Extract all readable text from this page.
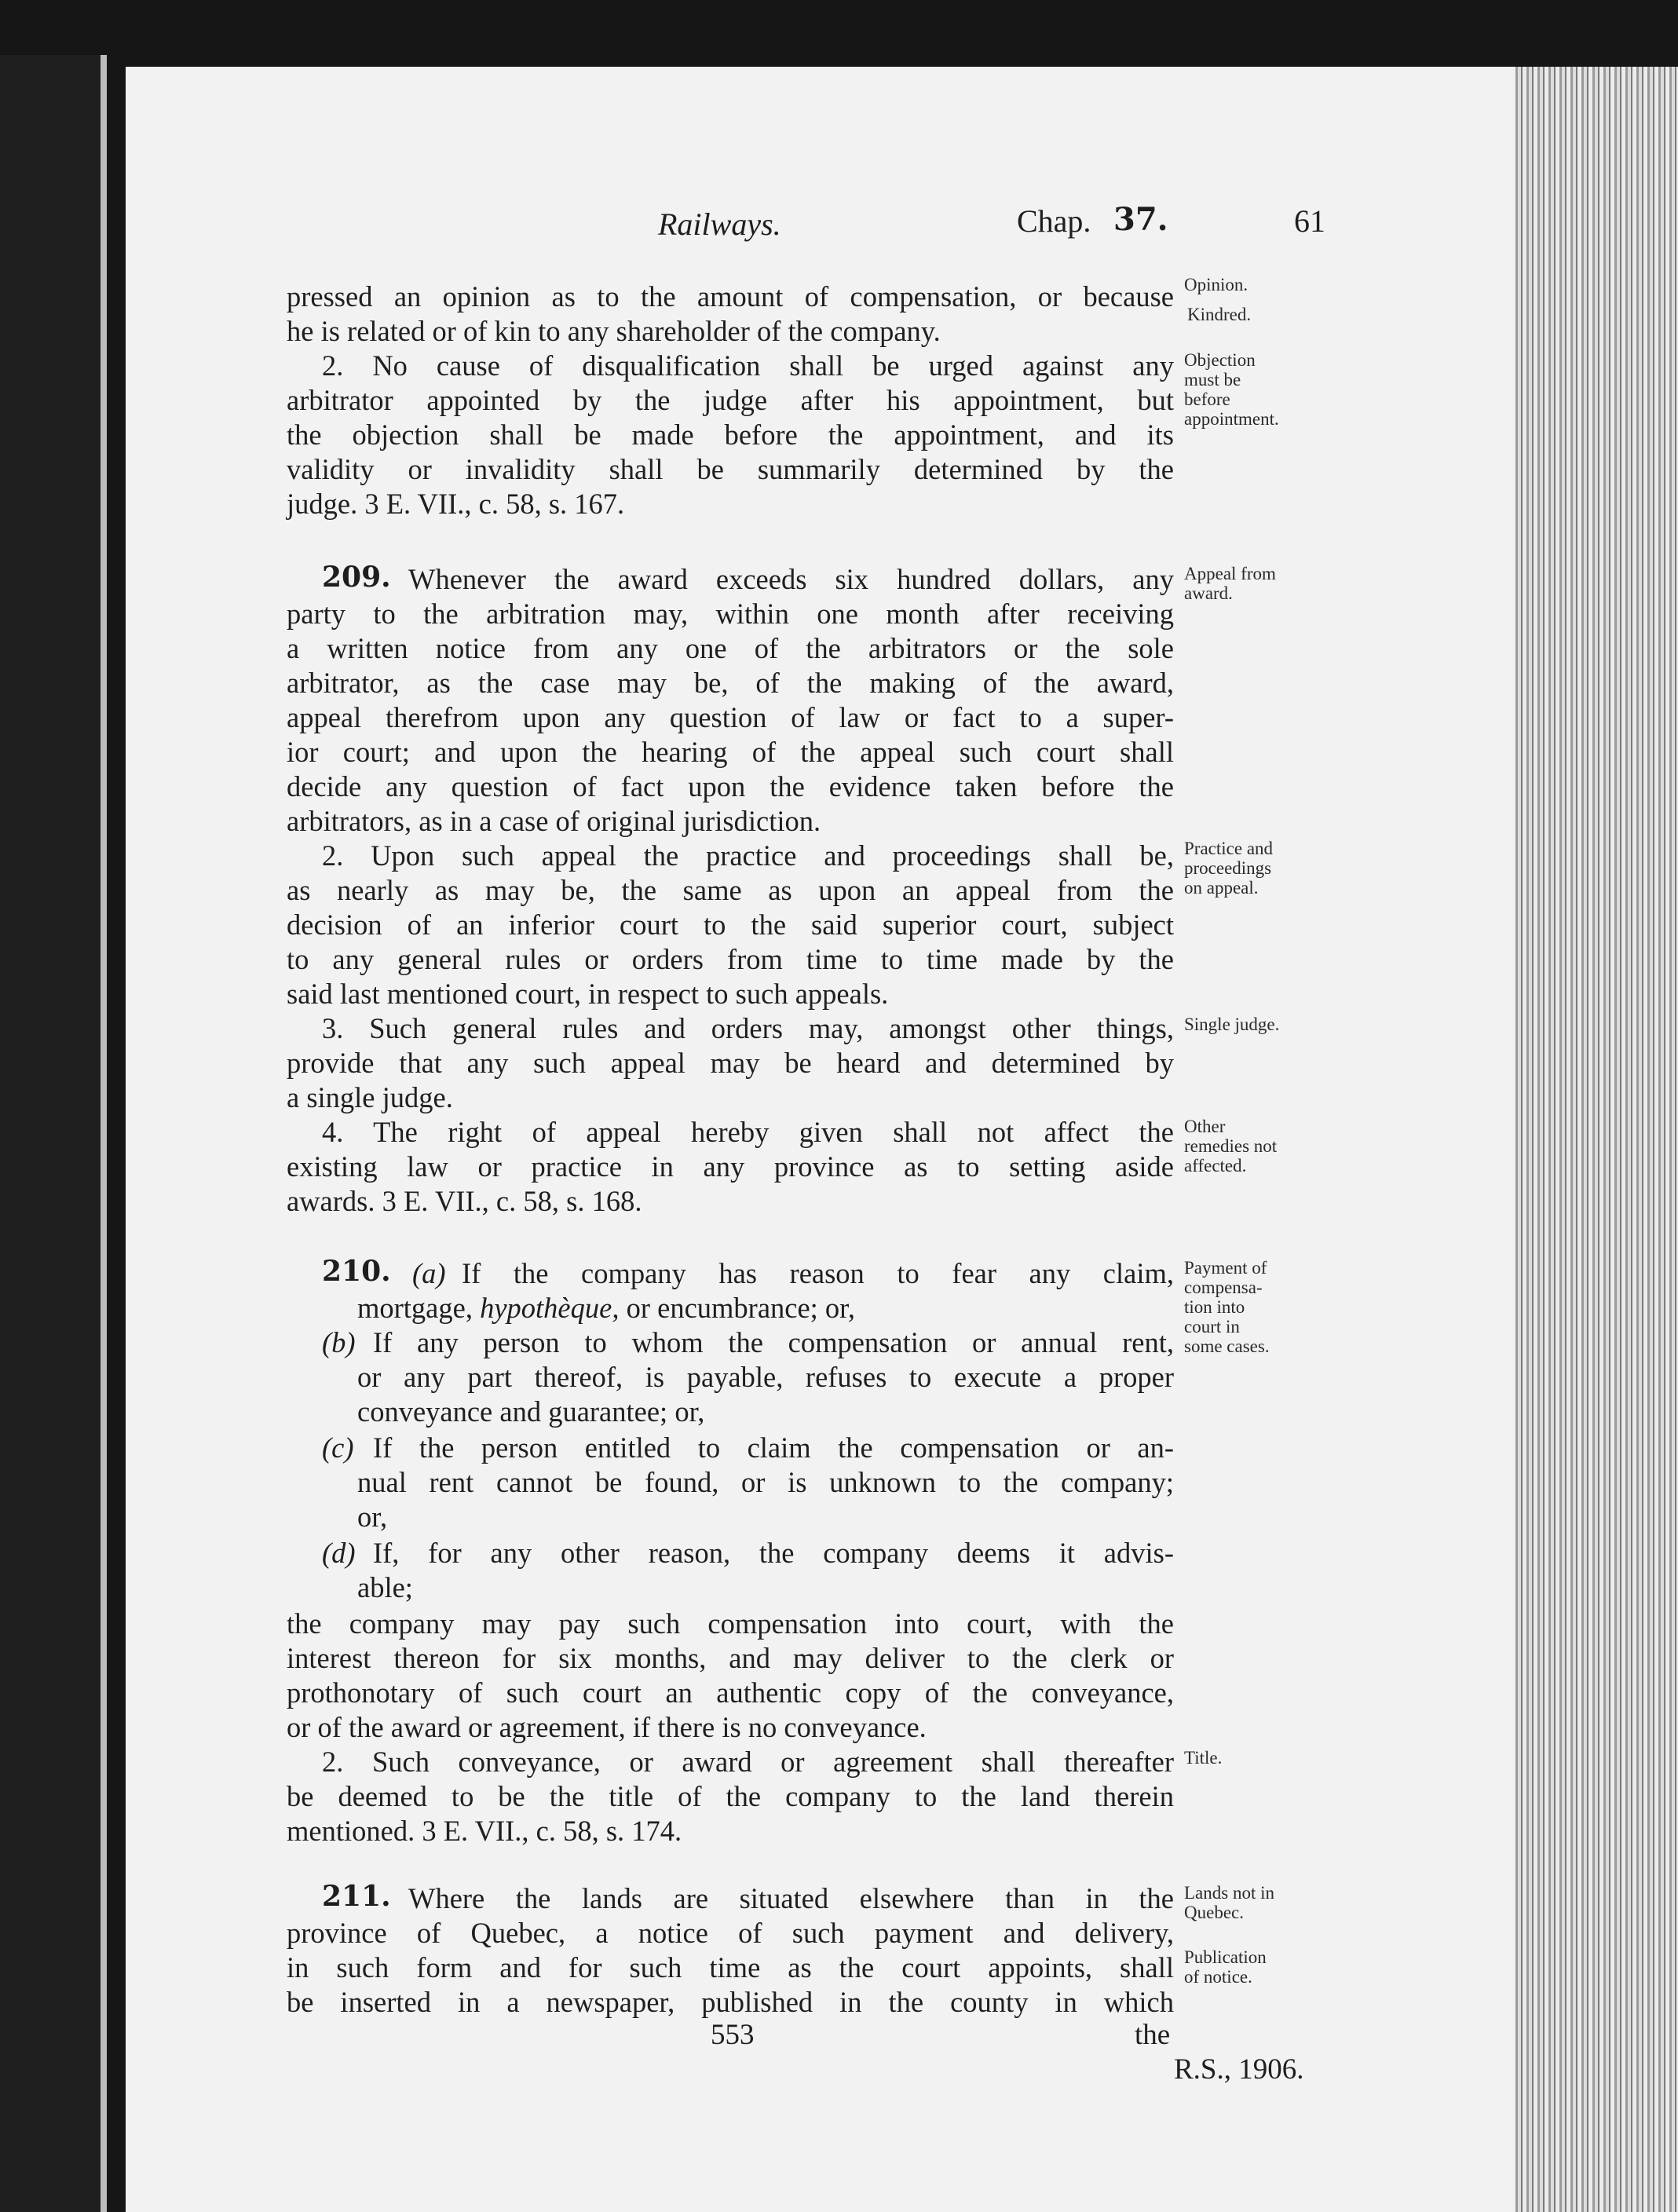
Railways.	Chap. 37.	61
pressed an opinion as to the amount of compensation, or because
he is related or of kin to any shareholder of the company.
2. No cause of disqualification shall be urged against any
arbitrator appointed by the judge after his appointment, but
the objection shall be made before the appointment, and its
validity or invalidity shall be summarily determined by the
judge. 3 E. VII., c. 58, s. 167.
209. Whenever the award exceeds six hundred dollars, any
party to the arbitration may, within one month after receiving
a written notice from any one of the arbitrators or the sole
arbitrator, as the case may be, of the making of the award,
appeal therefrom upon any question of law or fact to a super-
ior court; and upon the hearing of the appeal such court shall
decide any question of fact upon the evidence taken before the
arbitrators, as in a case of original jurisdiction.
2. Upon such appeal the practice and proceedings shall be,
as nearly as may be, the same as upon an appeal from the
decision of an inferior court to the said superior court, subject
to any general rules or orders from time to time made by the
said last mentioned court, in respect to such appeals.
3. Such general rules and orders may, amongst other things,
provide that any such appeal may be heard and determined by
a single judge.
4. The right of appeal hereby given shall not affect the
existing law or practice in any province as to setting aside
awards. 3 E. VII., c. 58, s. 168.
210. (a) If the company has reason to fear any claim,
mortgage, hypothèque, or encumbrance; or,
(b) If any person to whom the compensation or annual rent,
or any part thereof, is payable, refuses to execute a proper
conveyance and guarantee; or,
(c) If the person entitled to claim the compensation or an-
nual rent cannot be found, or is unknown to the company;
or,
(d) If, for any other reason, the company deems it advis-
able;
the company may pay such compensation into court, with the
interest thereon for six months, and may deliver to the clerk or
prothonotary of such court an authentic copy of the conveyance,
or of the award or agreement, if there is no conveyance.
2. Such conveyance, or award or agreement shall thereafter
be deemed to be the title of the company to the land therein
mentioned. 3 E. VII., c. 58, s. 174.
211. Where the lands are situated elsewhere than in the
province of Quebec, a notice of such payment and delivery,
in such form and for such time as the court appoints, shall
be inserted in a newspaper, published in the county in which
553	the
R.S., 1906.
Opinion.
Kindred.
Objection
must be
before
appointment.
Appeal from
award.
Practice and
proceedings
on appeal.
Single judge.
Other
remedies not
affected.
Payment of
compensa-
tion into
court in
some cases.
Title.
Lands not in
Quebec.
Publication
of notice.
